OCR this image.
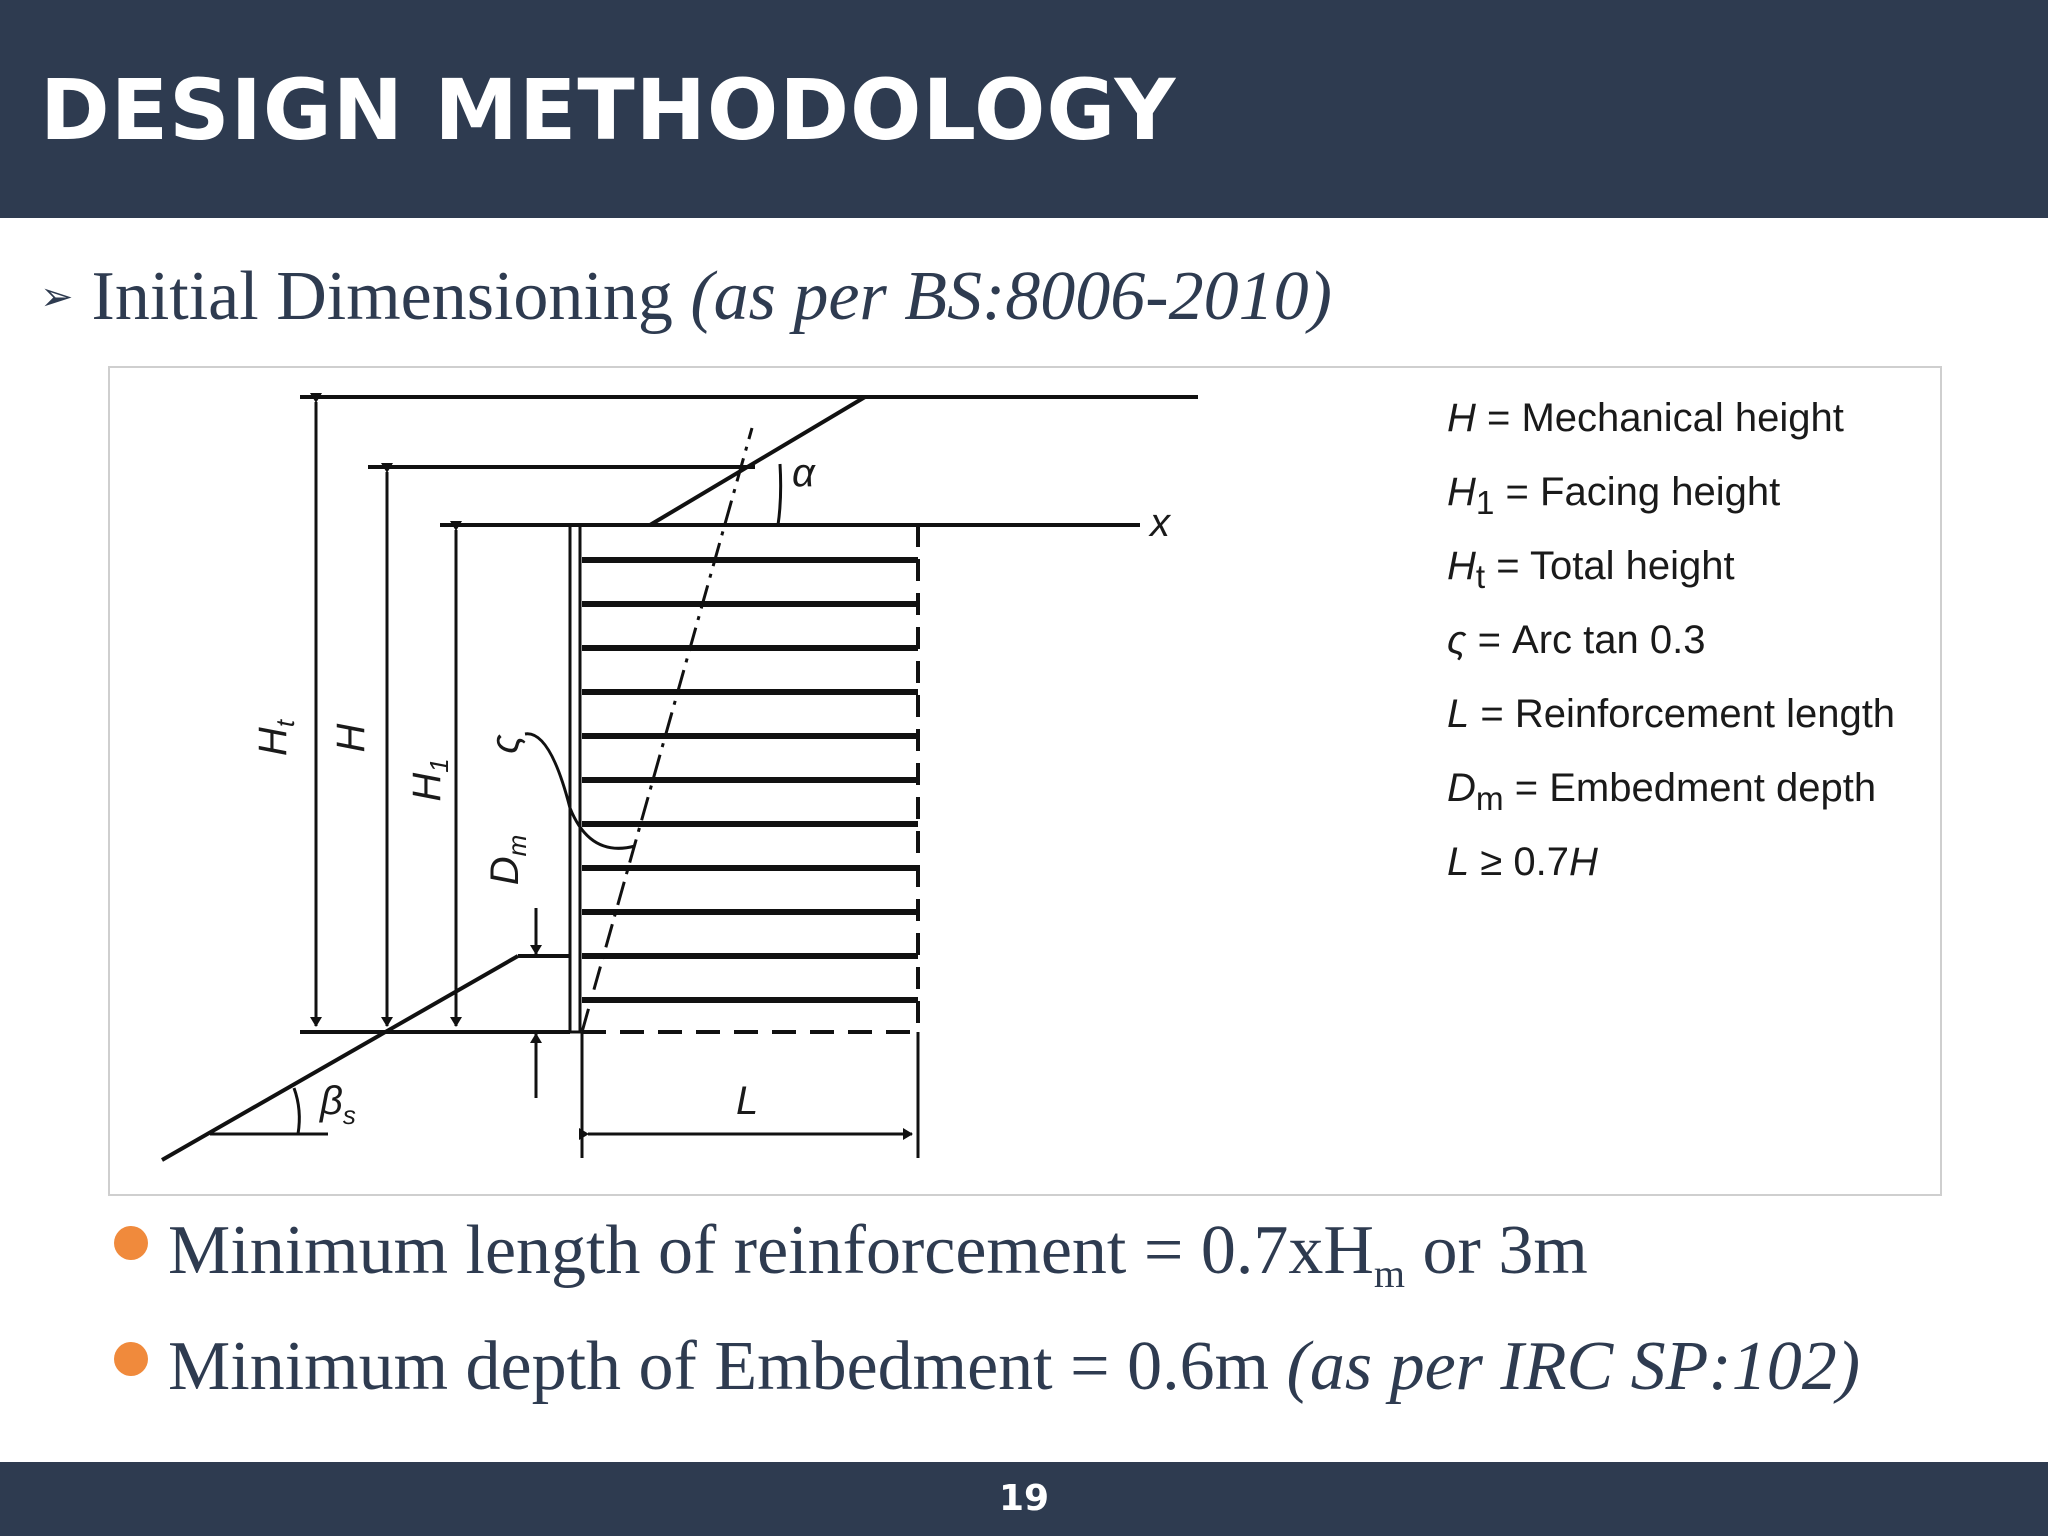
DESIGN METHODOLOGY
➢ Initial Dimensioning (as per BS:8006-2010)
$H_t$ H
$H_1$
ς
$D_m$
$\beta_s$
α
x
L
H = Mechanical height
$H_1$ = Facing height
$H_t$ = Total height
ς = Arc tan 0.3
L = Reinforcement length
$D_m$ = Embedment depth
L ≥ 0.7H
Minimum length of reinforcement = $0.7xH_m$ or 3m
Minimum depth of Embedment = 0.6m (as per IRC SP:102)
19
